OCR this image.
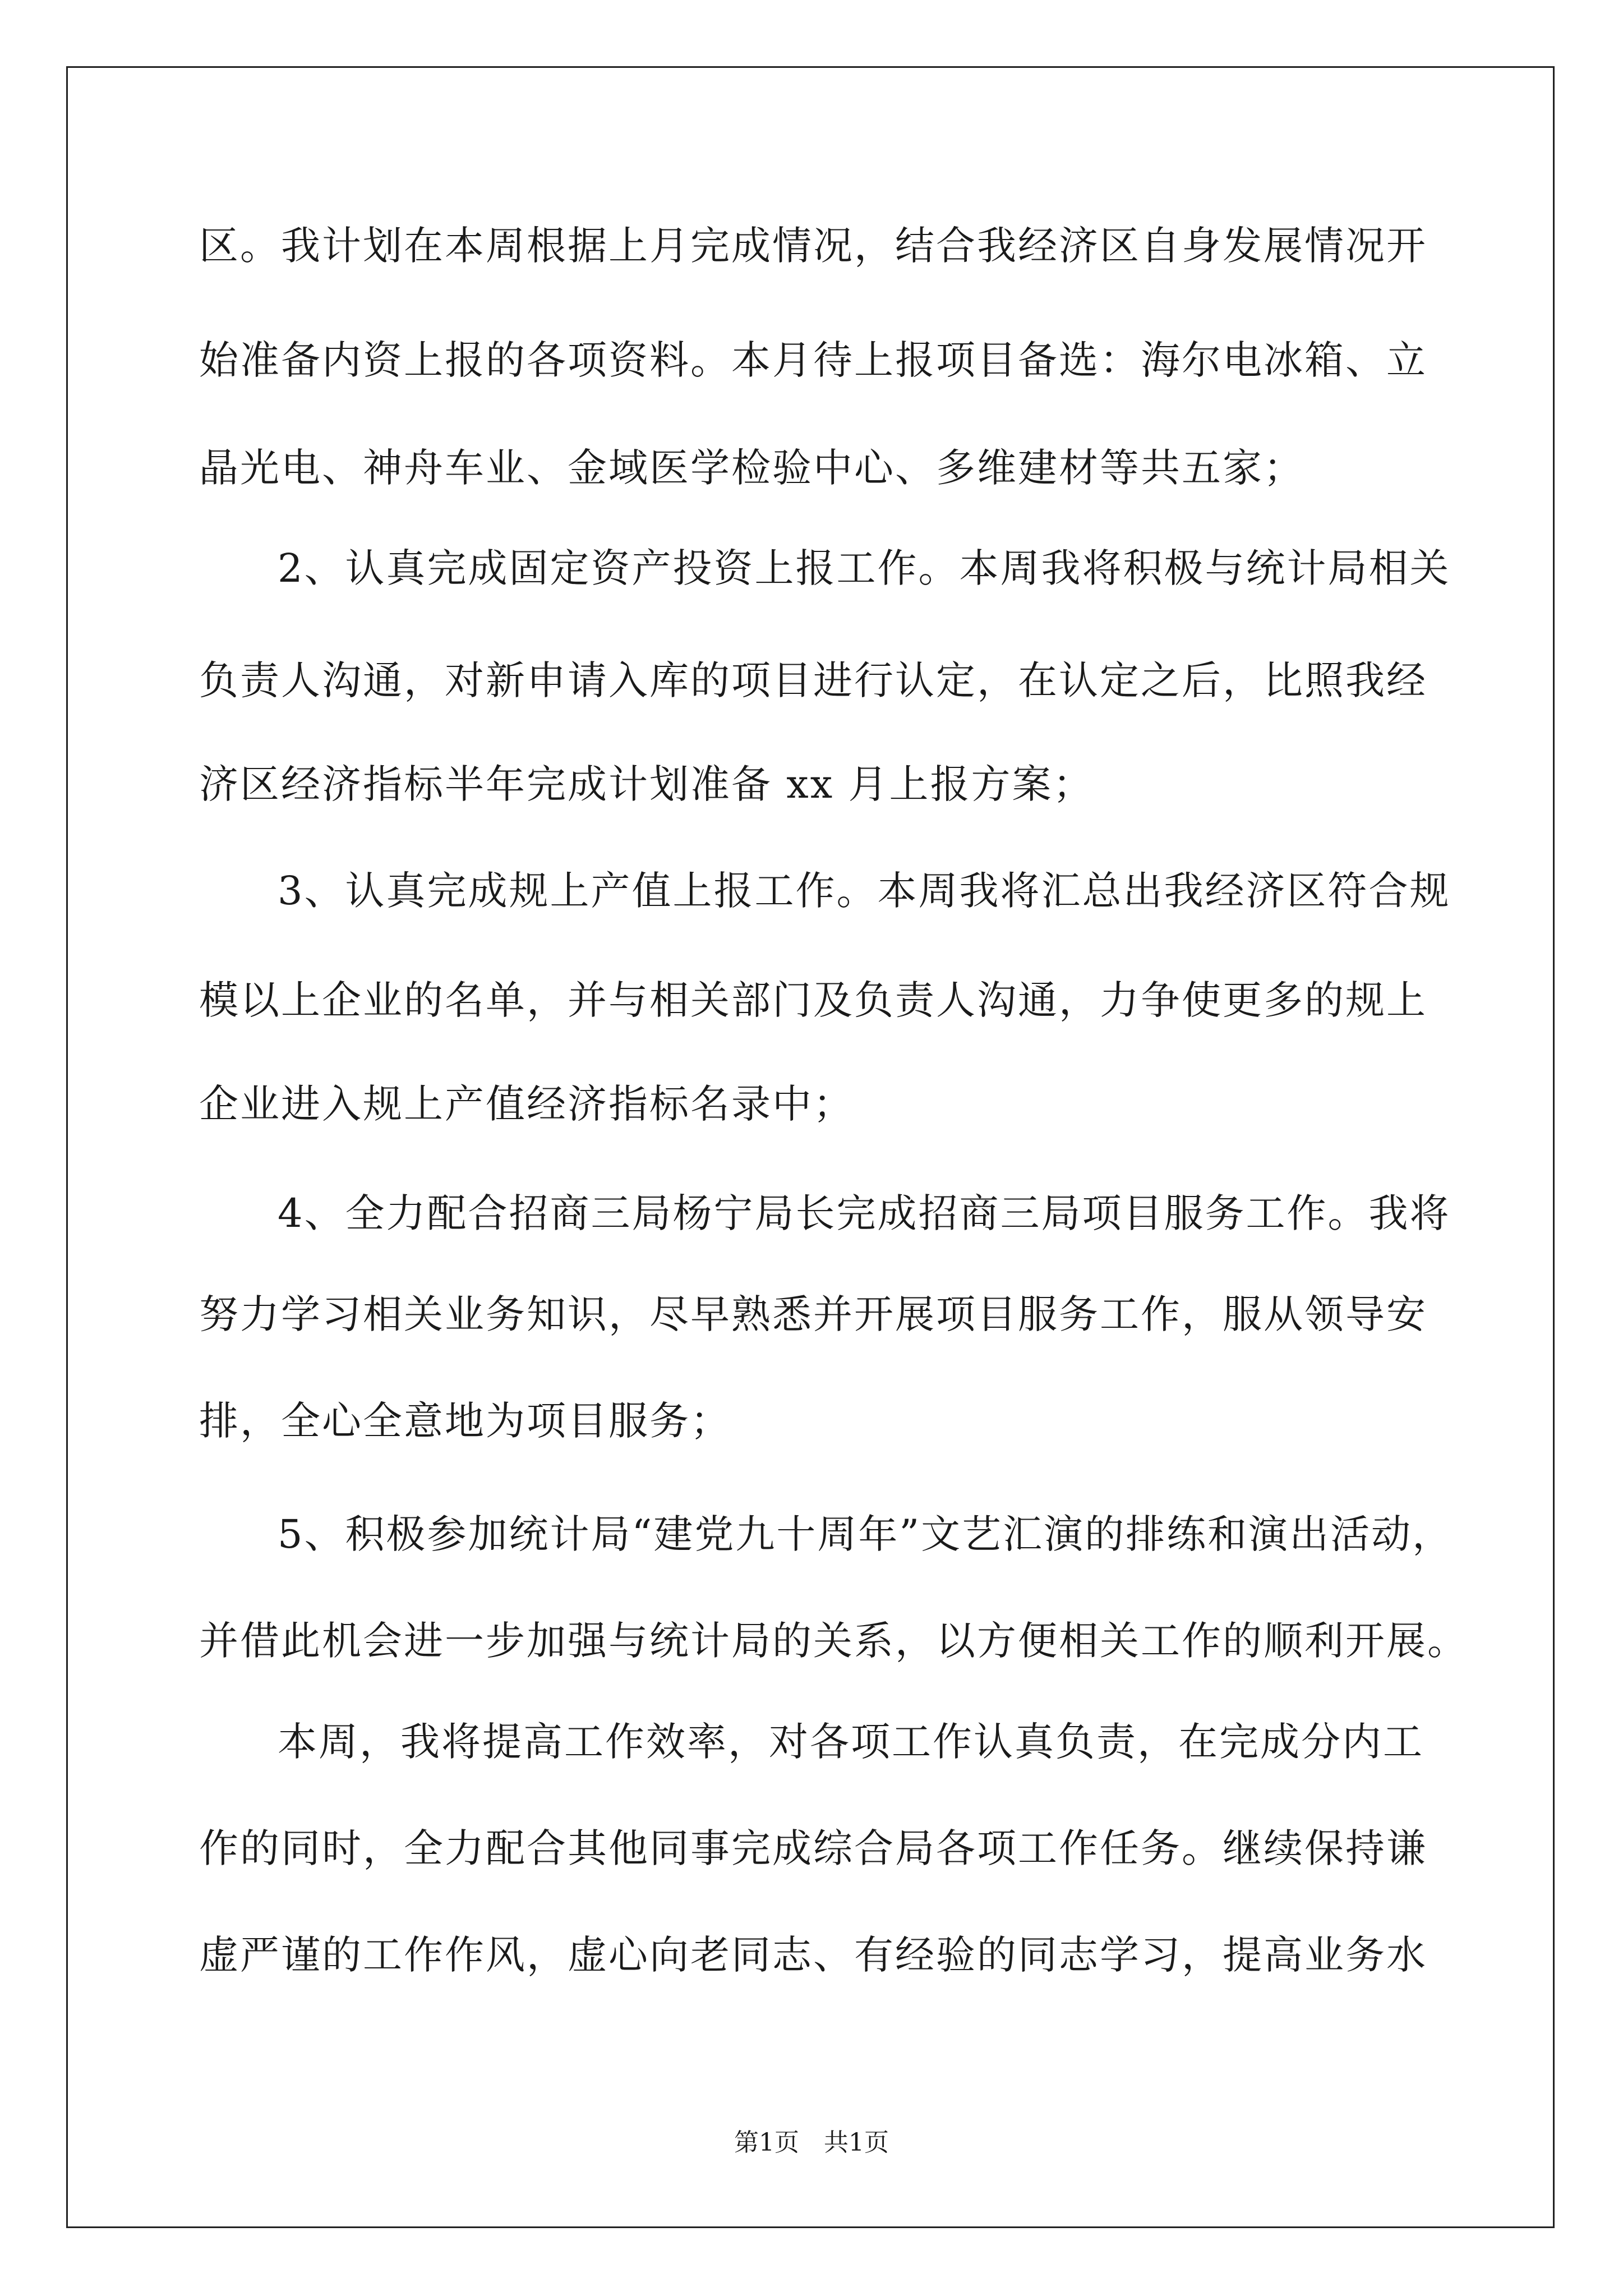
区。我计划在本周根据上月完成情况，结合我经济区自身发展情况开
始准备内资上报的各项资料。本月待上报项目备选：海尔电冰箱、立
晶光电、神舟车业、金域医学检验中心、多维建材等共五家；
2、认真完成固定资产投资上报工作。本周我将积极与统计局相关
负责人沟通，对新申请入库的项目进行认定，在认定之后，比照我经
济区经济指标半年完成计划准备 xx 月上报方案；
3、认真完成规上产值上报工作。本周我将汇总出我经济区符合规
模以上企业的名单，并与相关部门及负责人沟通，力争使更多的规上
企业进入规上产值经济指标名录中；
4、全力配合招商三局杨宁局长完成招商三局项目服务工作。我将
努力学习相关业务知识，尽早熟悉并开展项目服务工作，服从领导安
排，全心全意地为项目服务；
5、积极参加统计局“建党九十周年”文艺汇演的排练和演出活动，
并借此机会进一步加强与统计局的关系，以方便相关工作的顺利开展。
本周，我将提高工作效率，对各项工作认真负责，在完成分内工
作的同时，全力配合其他同事完成综合局各项工作任务。继续保持谦
虚严谨的工作作风，虚心向老同志、有经验的同志学习，提高业务水
第1页　共1页
